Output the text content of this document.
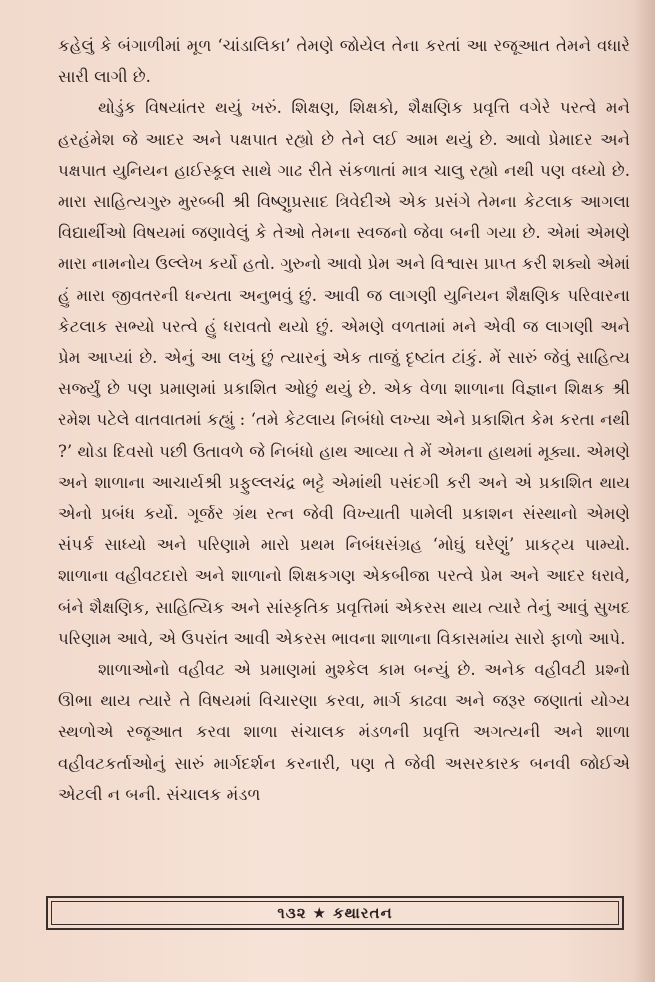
કહેલું કે બંગાળીમાં મૂળ ‘ચાંડાલિકા’ તેમણે જોયેલ તેના કરતાં આ રજૂઆત તેમને વધારે સારી લાગી છે.

થોડુંક વિષયાંતર થયું ખરું. શિક્ષણ, શિક્ષકો, શૈક્ષણિક પ્રવૃત્તિ વગેરે પરત્વે મને હરહંમેશ જે આદર અને પક્ષપાત રહ્યો છે તેને લઈ આમ થયું છે. આવો પ્રેમાદર અને પક્ષપાત યુનિયન હાઈસ્કૂલ સાથે ગાઢ રીતે સંકળાતાં માત્ર ચાલુ રહ્યો નથી પણ વધ્યો છે. મારા સાહિત્યગુરુ મુરબ્બી શ્રી વિષ્ણુપ્રસાદ ત્રિવેદીએ એક પ્રસંગે તેમના કેટલાક આગલા વિદ્યાર્થીઓ વિષયમાં જણાવેલું કે તેઓ તેમના સ્વજનો જેવા બની ગયા છે. એમાં એમણે મારા નામનોય ઉલ્લેખ કર્યો હતો. ગુરુનો આવો પ્રેમ અને વિશ્વાસ પ્રાપ્ત કરી શક્યો એમાં હું મારા જીવતરની ધન્યતા અનુભવું છું. આવી જ લાગણી યુનિયન શૈક્ષણિક પરિવારના કેટલાક સભ્યો પરત્વે હું ધરાવતો થયો છું. એમણે વળતામાં મને એવી જ લાગણી અને પ્રેમ આપ્યાં છે. એનું આ લખું છું ત્યારનું એક તાજું દૃષ્ટાંત ટાંકું. મેં સારું જેવું સાહિત્ય સર્જ્યું છે પણ પ્રમાણમાં પ્રકાશિત ઓછું થયું છે. એક વેળા શાળાના વિજ્ઞાન શિક્ષક શ્રી રમેશ પટેલે વાતવાતમાં કહ્યું : ‘તમે કેટલાય નિબંધો લખ્યા એને પ્રકાશિત કેમ કરતા નથી ?’ થોડા દિવસો પછી ઉતાવળે જે નિબંધો હાથ આવ્યા તે મેં એમના હાથમાં મૂક્યા. એમણે અને શાળાના આચાર્યશ્રી પ્રફુલ્લચંદ્ર ભટ્ટે એમાંથી પસંદગી કરી અને એ પ્રકાશિત થાય એનો પ્રબંધ કર્યો. ગૂર્જર ગ્રંથ રત્ન જેવી વિખ્યાતી પામેલી પ્રકાશન સંસ્થાનો એમણે સંપર્ક સાધ્યો અને પરિણામે મારો પ્રથમ નિબંધસંગ્રહ ‘મોઘું ઘરેણું’ પ્રાકટ્ય પામ્યો. શાળાના વહીવટદારો અને શાળાનો શિક્ષકગણ એકબીજા પરત્વે પ્રેમ અને આદર ધરાવે, બંને શૈક્ષણિક, સાહિત્યિક અને સાંસ્કૃતિક પ્રવૃત્તિમાં એકરસ થાય ત્યારે તેનું આવું સુખદ પરિણામ આવે, એ ઉપરાંત આવી એકરસ ભાવના શાળાના વિકાસમાંય સારો ફાળો આપે.

શાળાઓનો વહીવટ એ પ્રમાણમાં મુશ્કેલ કામ બન્યું છે. અનેક વહીવટી પ્રશ્નો ઊભા થાય ત્યારે તે વિષયમાં વિચારણા કરવા, માર્ગ કાઢવા અને જરૂર જણાતાં યોગ્ય સ્થળોએ રજૂઆત કરવા શાળા સંચાલક મંડળની પ્રવૃત્તિ અગત્યની અને શાળા વહીવટકર્તાઓનું સારું માર્ગદર્શન કરનારી, પણ તે જેવી અસરકારક બનવી જોઈએ એટલી ન બની. સંચાલક મંડળ

૧૩૨ ★ કથારતન
